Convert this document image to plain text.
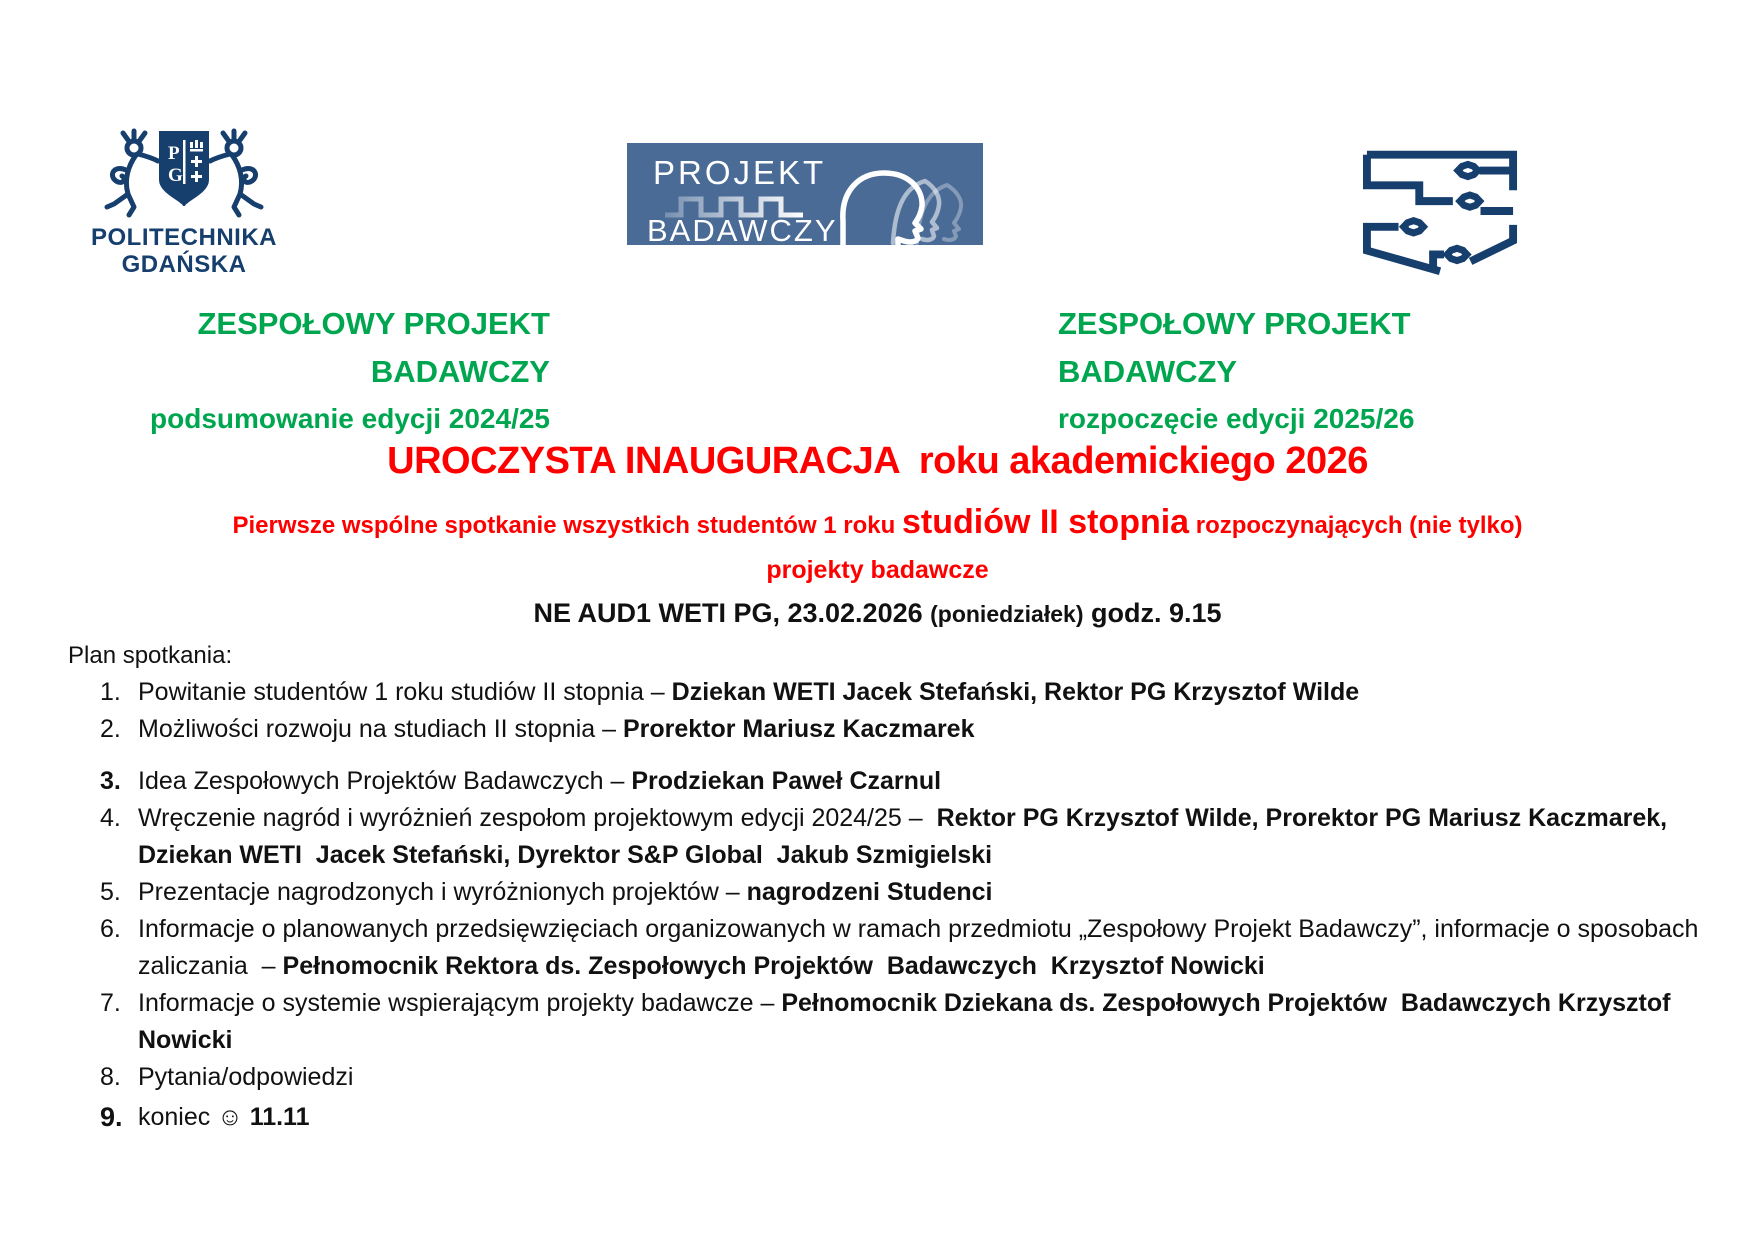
P
G
POLITECHNIKA
GDAŃSKA
PROJEKT
BADAWCZY
ZESPOŁOWY PROJEKT
BADAWCZY
podsumowanie edycji 2024/25
ZESPOŁOWY PROJEKT
BADAWCZY
rozpoczęcie edycji 2025/26
UROCZYSTA INAUGURACJA  roku akademickiego 2026
Pierwsze wspólne spotkanie wszystkich studentów 1 roku studiów II stopnia rozpoczynających (nie tylko)
projekty badawcze
NE AUD1 WETI PG, 23.02.2026 (poniedziałek) godz. 9.15
Plan spotkania:
1. Powitanie studentów 1 roku studiów II stopnia – Dziekan WETI Jacek Stefański, Rektor PG Krzysztof Wilde
2. Możliwości rozwoju na studiach II stopnia – Prorektor Mariusz Kaczmarek
3. Idea Zespołowych Projektów Badawczych – Prodziekan Paweł Czarnul
4. Wręczenie nagród i wyróżnień zespołom projektowym edycji 2024/25 –  Rektor PG Krzysztof Wilde, Prorektor PG Mariusz Kaczmarek, Dziekan WETI  Jacek Stefański, Dyrektor S&P Global  Jakub Szmigielski
5. Prezentacje nagrodzonych i wyróżnionych projektów – nagrodzeni Studenci
6. Informacje o planowanych przedsięwzięciach organizowanych w ramach przedmiotu „Zespołowy Projekt Badawczy”, informacje o sposobach zaliczania  – Pełnomocnik Rektora ds. Zespołowych Projektów  Badawczych  Krzysztof Nowicki
7. Informacje o systemie wspierającym projekty badawcze – Pełnomocnik Dziekana ds. Zespołowych Projektów  Badawczych Krzysztof Nowicki
8. Pytania/odpowiedzi
9. koniec ☺ 11.11
